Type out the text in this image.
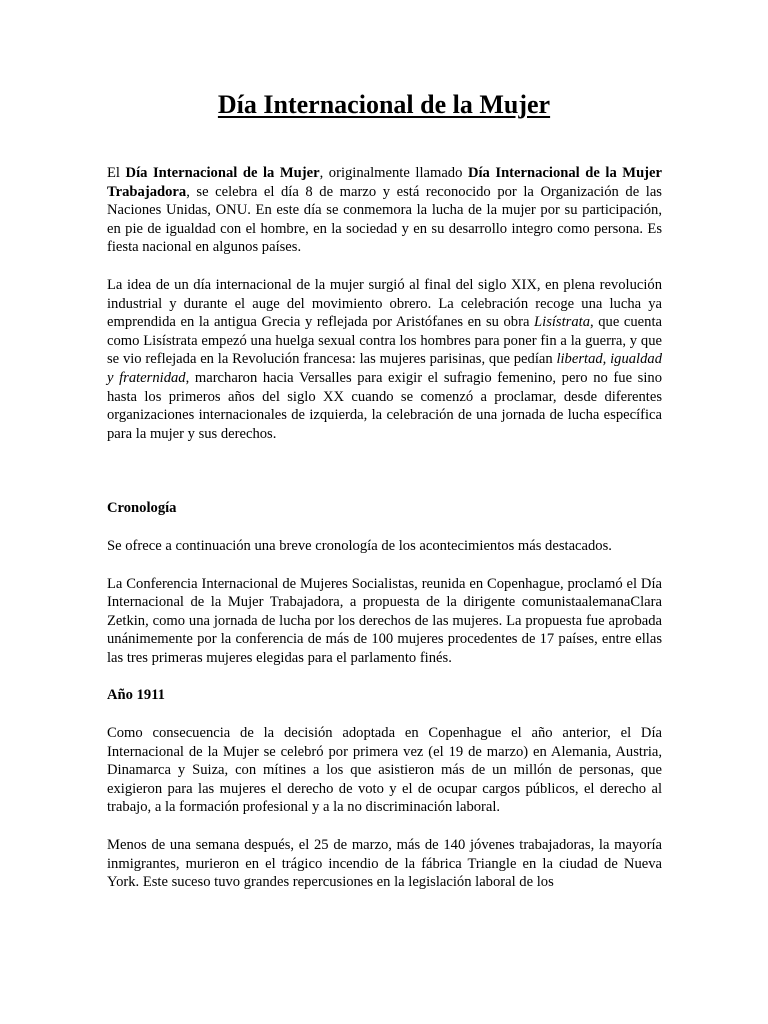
Día Internacional de la Mujer

El Día Internacional de la Mujer, originalmente llamado Día Internacional de la Mujer Trabajadora, se celebra el día 8 de marzo y está reconocido por la Organización de las Naciones Unidas, ONU. En este día se conmemora la lucha de la mujer por su participación, en pie de igualdad con el hombre, en la sociedad y en su desarrollo integro como persona. Es fiesta nacional en algunos países.

La idea de un día internacional de la mujer surgió al final del siglo XIX, en plena revolución industrial y durante el auge del movimiento obrero. La celebración recoge una lucha ya emprendida en la antigua Grecia y reflejada por Aristófanes en su obra Lisístrata, que cuenta como Lisístrata empezó una huelga sexual contra los hombres para poner fin a la guerra, y que se vio reflejada en la Revolución francesa: las mujeres parisinas, que pedían libertad, igualdad y fraternidad, marcharon hacia Versalles para exigir el sufragio femenino, pero no fue sino hasta los primeros años del siglo XX cuando se comenzó a proclamar, desde diferentes organizaciones internacionales de izquierda, la celebración de una jornada de lucha específica para la mujer y sus derechos.

Cronología

Se ofrece a continuación una breve cronología de los acontecimientos más destacados.

La Conferencia Internacional de Mujeres Socialistas, reunida en Copenhague, proclamó el Día Internacional de la Mujer Trabajadora, a propuesta de la dirigente comunistaalemanaClara Zetkin, como una jornada de lucha por los derechos de las mujeres. La propuesta fue aprobada unánimemente por la conferencia de más de 100 mujeres procedentes de 17 países, entre ellas las tres primeras mujeres elegidas para el parlamento finés.

Año 1911

Como consecuencia de la decisión adoptada en Copenhague el año anterior, el Día Internacional de la Mujer se celebró por primera vez (el 19 de marzo) en Alemania, Austria, Dinamarca y Suiza, con mítines a los que asistieron más de un millón de personas, que exigieron para las mujeres el derecho de voto y el de ocupar cargos públicos, el derecho al trabajo, a la formación profesional y a la no discriminación laboral.

Menos de una semana después, el 25 de marzo, más de 140 jóvenes trabajadoras, la mayoría inmigrantes, murieron en el trágico incendio de la fábrica Triangle en la ciudad de Nueva York. Este suceso tuvo grandes repercusiones en la legislación laboral de los
